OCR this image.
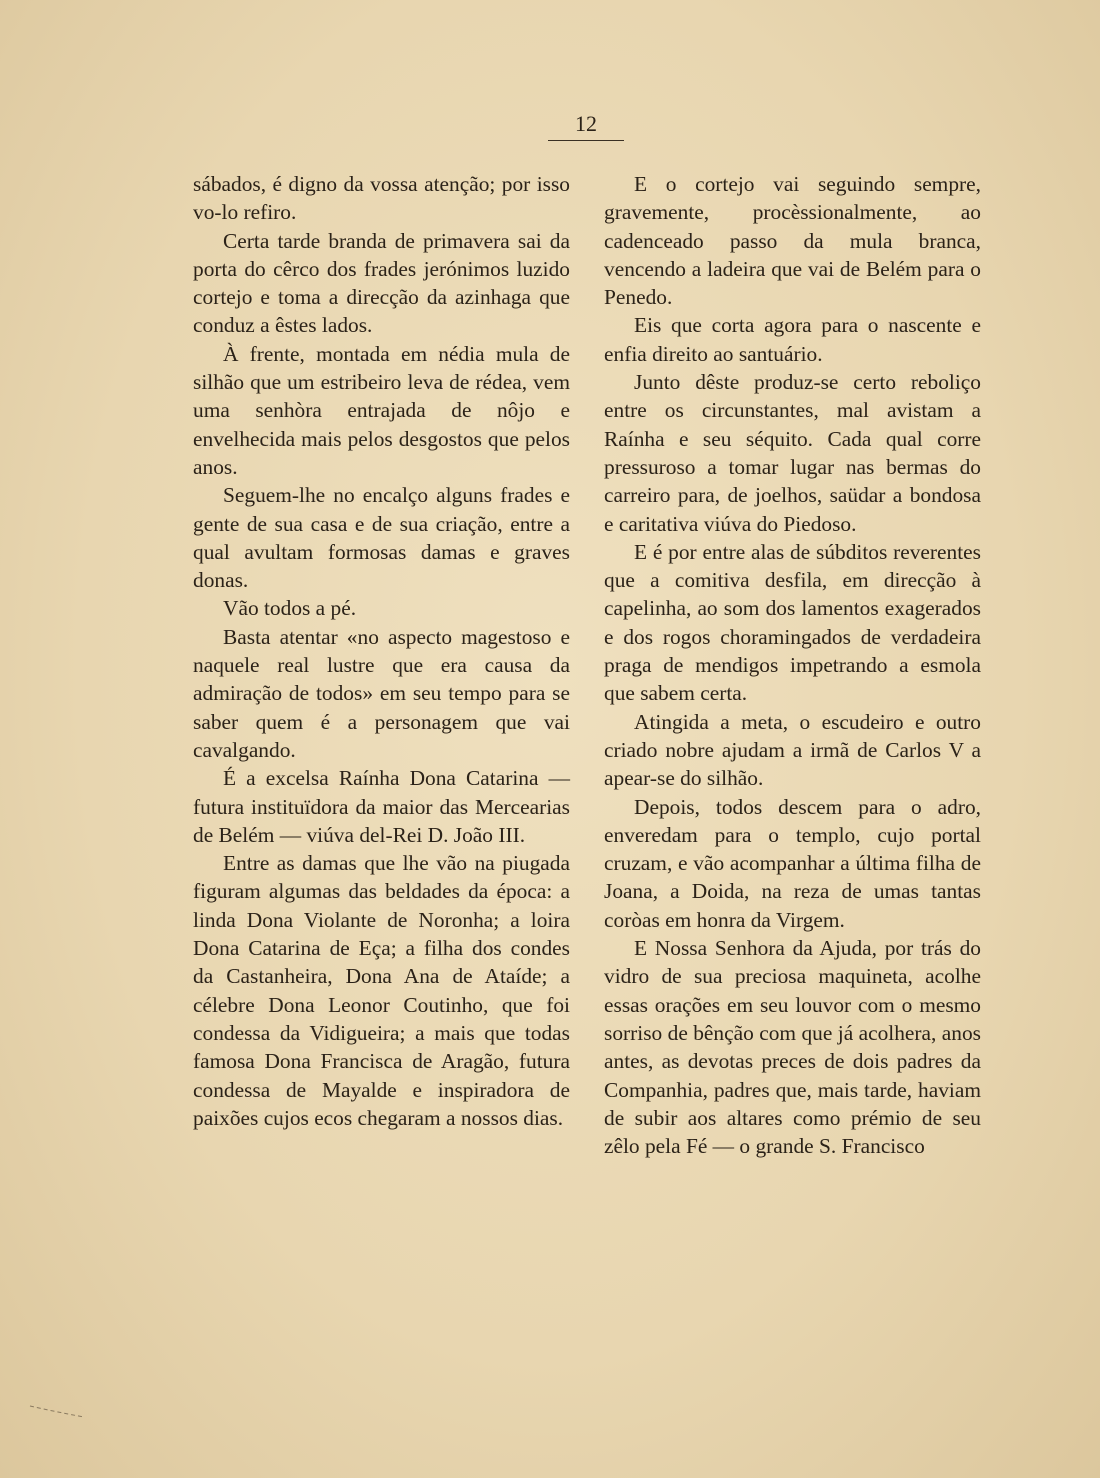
12

sábados, é digno da vossa atenção; por isso vo-lo refiro.

Certa tarde branda de primavera sai da porta do cêrco dos frades jerónimos luzido cortejo e toma a direcção da azinhaga que conduz a êstes lados.

À frente, montada em nédia mula de silhão que um estribeiro leva de rédea, vem uma senhòra entrajada de nôjo e envelhecida mais pelos desgostos que pelos anos.

Seguem-lhe no encalço alguns frades e gente de sua casa e de sua criação, entre a qual avultam formosas damas e graves donas.

Vão todos a pé.

Basta atentar «no aspecto magestoso e naquele real lustre que era causa da admiração de todos» em seu tempo para se saber quem é a personagem que vai cavalgando.

É a excelsa Raínha Dona Catarina — futura instituïdora da maior das Mercearias de Belém — viúva del-Rei D. João III.

Entre as damas que lhe vão na piugada figuram algumas das beldades da época: a linda Dona Violante de Noronha; a loira Dona Catarina de Eça; a filha dos condes da Castanheira, Dona Ana de Ataíde; a célebre Dona Leonor Coutinho, que foi condessa da Vidigueira; a mais que todas famosa Dona Francisca de Aragão, futura condessa de Mayalde e inspiradora de paixões cujos ecos chegaram a nossos dias.

E o cortejo vai seguindo sempre, gravemente, procèssionalmente, ao cadenceado passo da mula branca, vencendo a ladeira que vai de Belém para o Penedo.

Eis que corta agora para o nascente e enfia direito ao santuário.

Junto dêste produz-se certo reboliço entre os circunstantes, mal avistam a Raínha e seu séquito. Cada qual corre pressuroso a tomar lugar nas bermas do carreiro para, de joelhos, saüdar a bondosa e caritativa viúva do Piedoso.

E é por entre alas de súbditos reverentes que a comitiva desfila, em direcção à capelinha, ao som dos lamentos exagerados e dos rogos choramingados de verdadeira praga de mendigos impetrando a esmola que sabem certa.

Atingida a meta, o escudeiro e outro criado nobre ajudam a irmã de Carlos V a apear-se do silhão.

Depois, todos descem para o adro, enveredam para o templo, cujo portal cruzam, e vão acompanhar a última filha de Joana, a Doida, na reza de umas tantas coròas em honra da Virgem.

E Nossa Senhora da Ajuda, por trás do vidro de sua preciosa maquineta, acolhe essas orações em seu louvor com o mesmo sorriso de bênção com que já acolhera, anos antes, as devotas preces de dois padres da Companhia, padres que, mais tarde, haviam de subir aos altares como prémio de seu zêlo pela Fé — o grande S. Francisco
